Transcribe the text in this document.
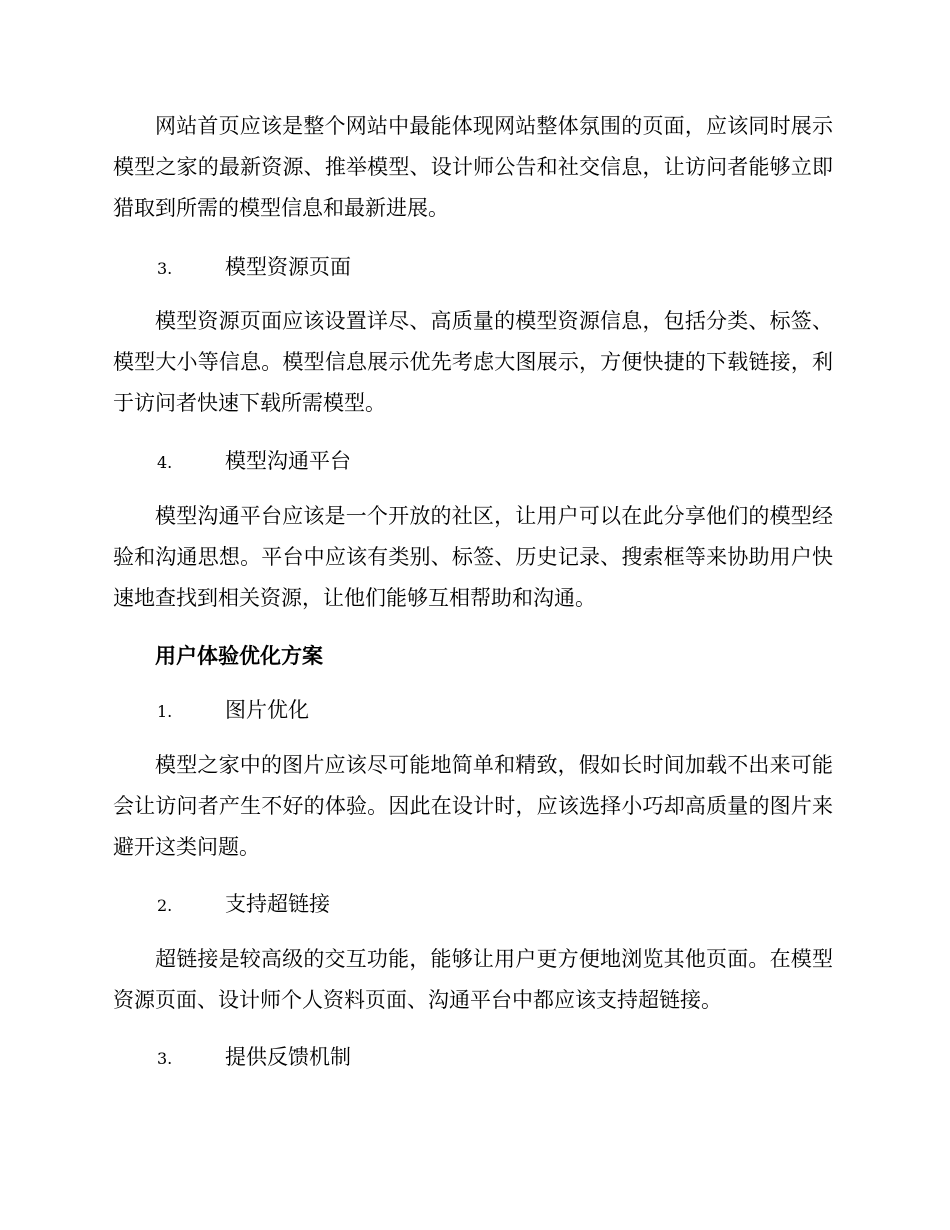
网站首页应该是整个网站中最能体现网站整体氛围的页面，应该同时展示模型之家的最新资源、推举模型、设计师公告和社交信息，让访问者能够立即猎取到所需的模型信息和最新进展。

3.	模型资源页面

模型资源页面应该设置详尽、高质量的模型资源信息，包括分类、标签、模型大小等信息。模型信息展示优先考虑大图展示，方便快捷的下载链接，利于访问者快速下载所需模型。

4.	模型沟通平台

模型沟通平台应该是一个开放的社区，让用户可以在此分享他们的模型经验和沟通思想。平台中应该有类别、标签、历史记录、搜索框等来协助用户快速地查找到相关资源，让他们能够互相帮助和沟通。

用户体验优化方案

1.	图片优化

模型之家中的图片应该尽可能地简单和精致，假如长时间加载不出来可能会让访问者产生不好的体验。因此在设计时，应该选择小巧却高质量的图片来避开这类问题。

2.	支持超链接

超链接是较高级的交互功能，能够让用户更方便地浏览其他页面。在模型资源页面、设计师个人资料页面、沟通平台中都应该支持超链接。

3.	提供反馈机制
